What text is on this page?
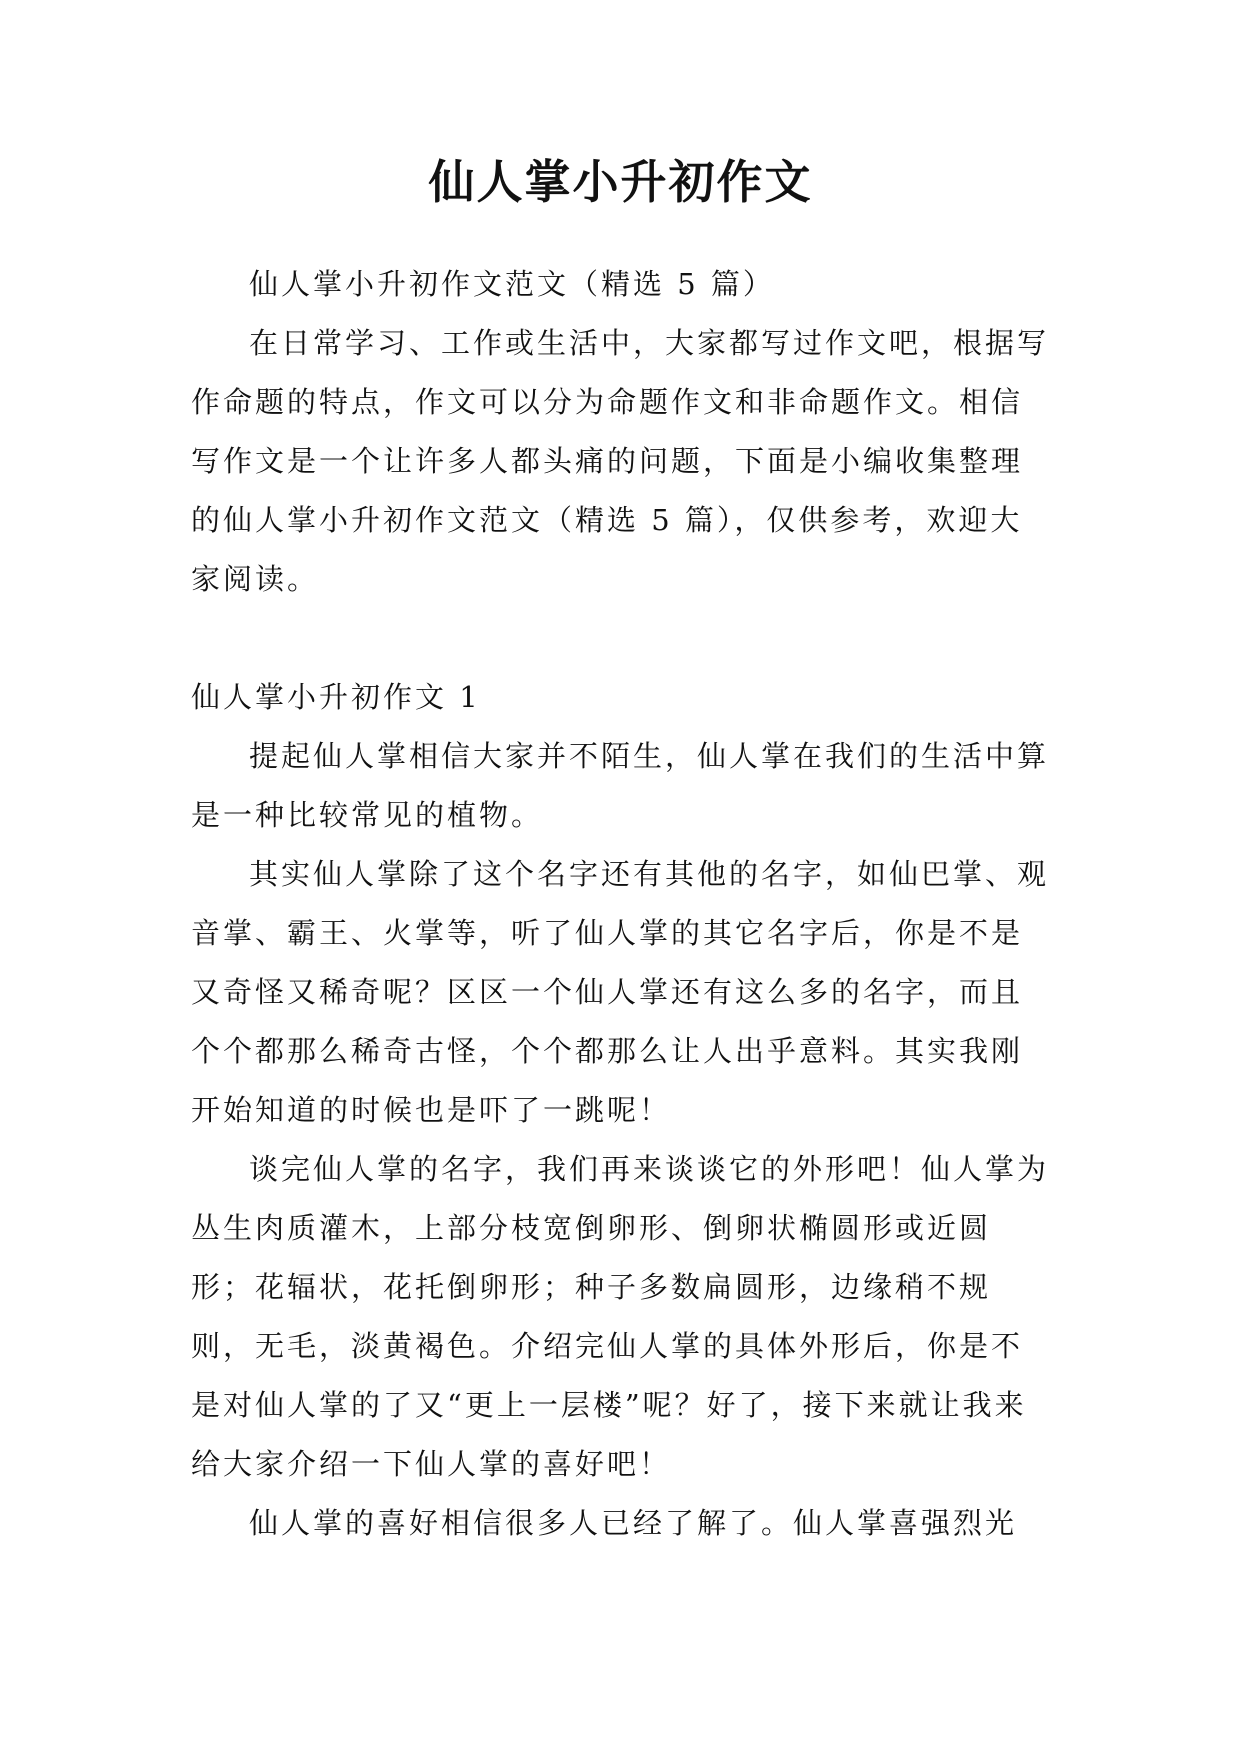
仙人掌小升初作文

仙人掌小升初作文范文（精选 5 篇）

在日常学习、工作或生活中，大家都写过作文吧，根据写作命题的特点，作文可以分为命题作文和非命题作文。相信写作文是一个让许多人都头痛的问题，下面是小编收集整理的仙人掌小升初作文范文（精选 5 篇），仅供参考，欢迎大家阅读。

仙人掌小升初作文 1

提起仙人掌相信大家并不陌生，仙人掌在我们的生活中算是一种比较常见的植物。

其实仙人掌除了这个名字还有其他的名字，如仙巴掌、观音掌、霸王、火掌等，听了仙人掌的其它名字后，你是不是又奇怪又稀奇呢？区区一个仙人掌还有这么多的名字，而且个个都那么稀奇古怪，个个都那么让人出乎意料。其实我刚开始知道的时候也是吓了一跳呢！

谈完仙人掌的名字，我们再来谈谈它的外形吧！仙人掌为丛生肉质灌木，上部分枝宽倒卵形、倒卵状椭圆形或近圆形；花辐状，花托倒卵形；种子多数扁圆形，边缘稍不规则，无毛，淡黄褐色。介绍完仙人掌的具体外形后，你是不是对仙人掌的了又“更上一层楼”呢？好了，接下来就让我来给大家介绍一下仙人掌的喜好吧！

仙人掌的喜好相信很多人已经了解了。仙人掌喜强烈光
